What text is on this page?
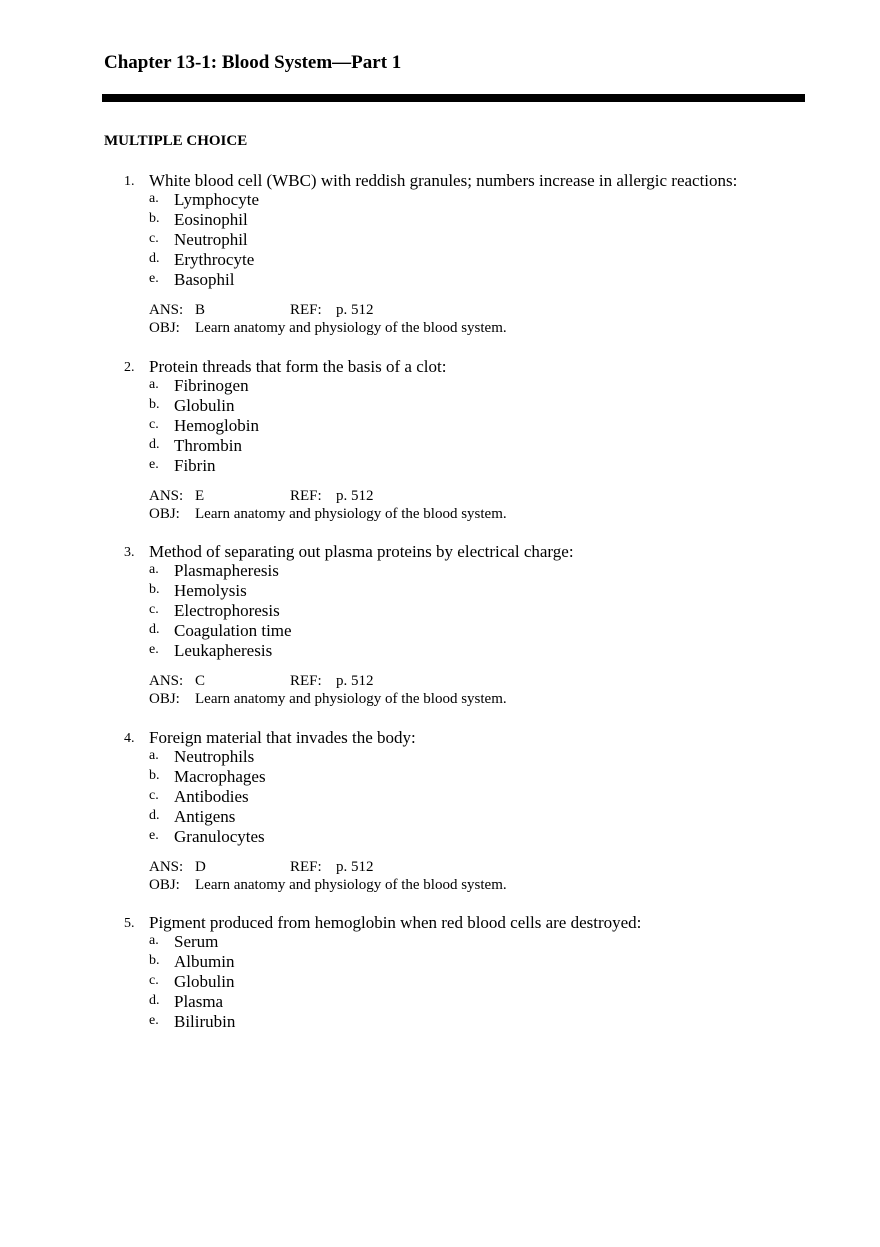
Chapter 13-1: Blood System—Part 1
MULTIPLE CHOICE
1. White blood cell (WBC) with reddish granules; numbers increase in allergic reactions:
a. Lymphocyte
b. Eosinophil
c. Neutrophil
d. Erythrocyte
e. Basophil
ANS: B	REF: p. 512
OBJ: Learn anatomy and physiology of the blood system.
2. Protein threads that form the basis of a clot:
a. Fibrinogen
b. Globulin
c. Hemoglobin
d. Thrombin
e. Fibrin
ANS: E	REF: p. 512
OBJ: Learn anatomy and physiology of the blood system.
3. Method of separating out plasma proteins by electrical charge:
a. Plasmapheresis
b. Hemolysis
c. Electrophoresis
d. Coagulation time
e. Leukapheresis
ANS: C	REF: p. 512
OBJ: Learn anatomy and physiology of the blood system.
4. Foreign material that invades the body:
a. Neutrophils
b. Macrophages
c. Antibodies
d. Antigens
e. Granulocytes
ANS: D	REF: p. 512
OBJ: Learn anatomy and physiology of the blood system.
5. Pigment produced from hemoglobin when red blood cells are destroyed:
a. Serum
b. Albumin
c. Globulin
d. Plasma
e. Bilirubin
